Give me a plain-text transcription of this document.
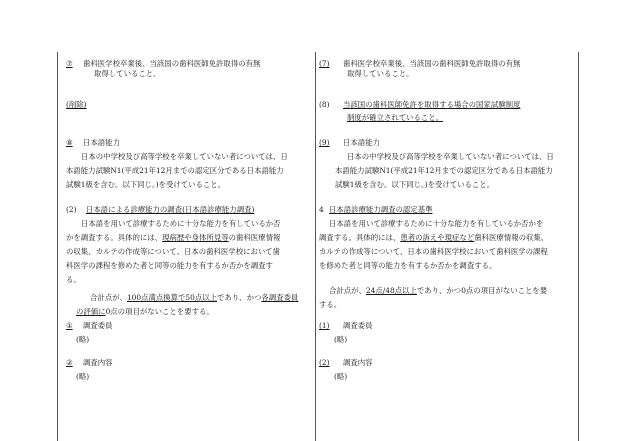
⑦ 歯科医学校卒業後、当該国の歯科医師免許取得の有無
取得していること。
(削除)
⑧ 日本語能力
日本の中学校及び高等学校を卒業していない者については、日
本語能力試験N1(平成21年12月までの認定区分である日本語能力
試験1級を含む。以下同じ。)を受けていること。
(2) 日本語による診療能力の調査(日本語診療能力調査)
日本語を用いて診療するために十分な能力を有しているか否
かを調査する。具体的には、現病歴や身体所見等の歯科医療情報
の収集、カルテの作成等について、日本の歯科医学校において歯
科医学の課程を修めた者と同等の能力を有するか否かを調査す
る。
合計点が、100点満点換算で50点以上であり、かつ各調査委員
の評価に0点の項目がないことを要する。
① 調査委員
(略)
② 調査内容
(略)
(7) 歯科医学校卒業後、当該国の歯科医師免許取得の有無
取得していること。
(8) 当該国の歯科医師免許を取得する場合の国家試験制度
制度が確立されていること。
(9) 日本語能力
日本の中学校及び高等学校を卒業していない者については、日
本語能力試験N1(平成21年12月までの認定区分である日本語能力
試験1級を含む。以下同じ。)を受けていること。
4 日本語診療能力調査の認定基準
日本語を用いて診療するために十分な能力を有しているか否かを
調査する。具体的には、患者の訴えや現症など歯科医療情報の収集、
カルテの作成等について、日本の歯科医学校において歯科医学の課程
を修めた者と同等の能力を有するか否かを調査する。
合計点が、24点/48点以上であり、かつ0点の項目がないことを要
する。
(1) 調査委員
(略)
(2) 調査内容
(略)
